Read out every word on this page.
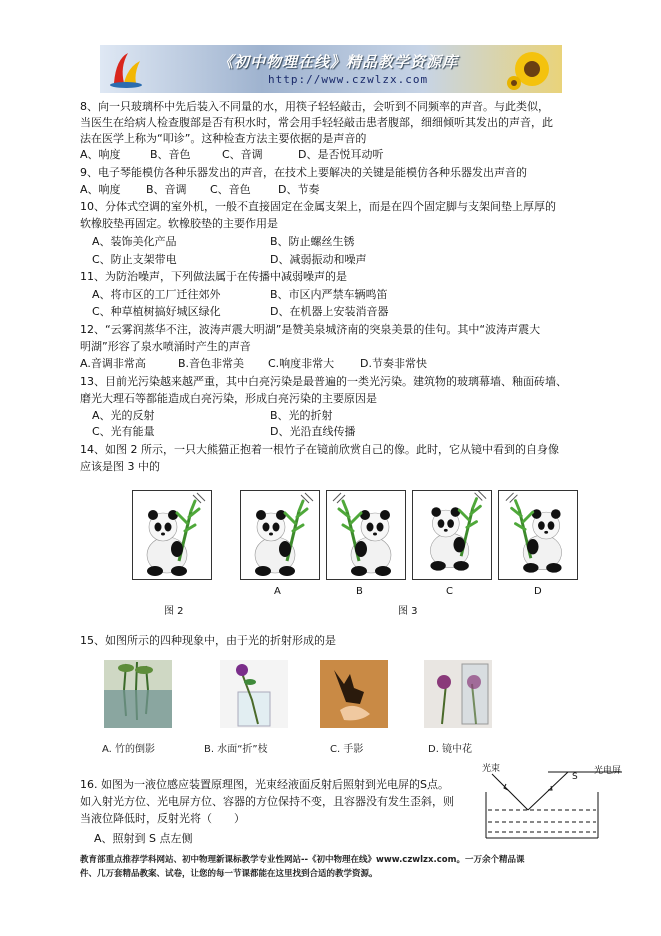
《初中物理在线》精品教学资源库
http://www.czwlzx.com
8、向一只玻璃杯中先后装入不同量的水，用筷子轻轻敲击，会听到不同频率的声音。与此类似，
当医生在给病人检查腹部是否有积水时，常会用手轻轻敲击患者腹部，细细倾听其发出的声音，此
法在医学上称为“叩诊”。这种检查方法主要依据的是声音的
A、响度	B、音色	C、音调	D、是否悦耳动听
9、电子琴能模仿各种乐器发出的声音，在技术上要解决的关键是能模仿各种乐器发出声音的
A、响度 B、音调 C、音色 D、节奏
10、分体式空调的室外机，一般不直接固定在金属支架上，而是在四个固定脚与支架间垫上厚厚的
软橡胶垫再固定。软橡胶垫的主要作用是
A、装饰美化产品	B、防止螺丝生锈
C、防止支架带电	D、减弱振动和噪声
11、为防治噪声，下列做法属于在传播中减弱噪声的是
A、将市区的工厂迁往郊外	B、市区内严禁车辆鸣笛
C、种草植树搞好城区绿化	D、在机器上安装消音器
12、“云雾润蒸华不注，波涛声震大明湖”是赞美泉城济南的突泉美景的佳句。其中“波涛声震大
明湖”形容了泉水喷涌时产生的声音
A.音调非常高	B.音色非常美 C.响度非常大 D.节奏非常快
13、目前光污染越来越严重，其中白亮污染是最普遍的一类光污染。建筑物的玻璃幕墙、釉面砖墙、
磨光大理石等都能造成白亮污染，形成白亮污染的主要原因是
A、光的反射	B、光的折射
C、光有能量	D、光沿直线传播
14、如图 2 所示，一只大熊猫正抱着一根竹子在镜前欣赏自己的像。此时，它从镜中看到的自身像
应该是图 3 中的
A	B	C	D
图 2	图 3
15、如图所示的四种现象中，由于光的折射形成的是
A. 竹的倒影	B. 水面“折”枝	C. 手影	D. 镜中花
16. 如图为一液位感应装置原理图，光束经液面反射后照射到光电屏的S点。
如入射光方位、光电屏方位、容器的方位保持不变，且容器没有发生歪斜，则
当液位降低时，反射光将（　　）
A、照射到 S 点左侧
光束	光电屏
S
教育部重点推荐学科网站、初中物理新课标教学专业性网站--《初中物理在线》www.czwlzx.com。一万余个精品课
件、几万套精品教案、试卷，让您的每一节课都能在这里找到合适的教学资源。
